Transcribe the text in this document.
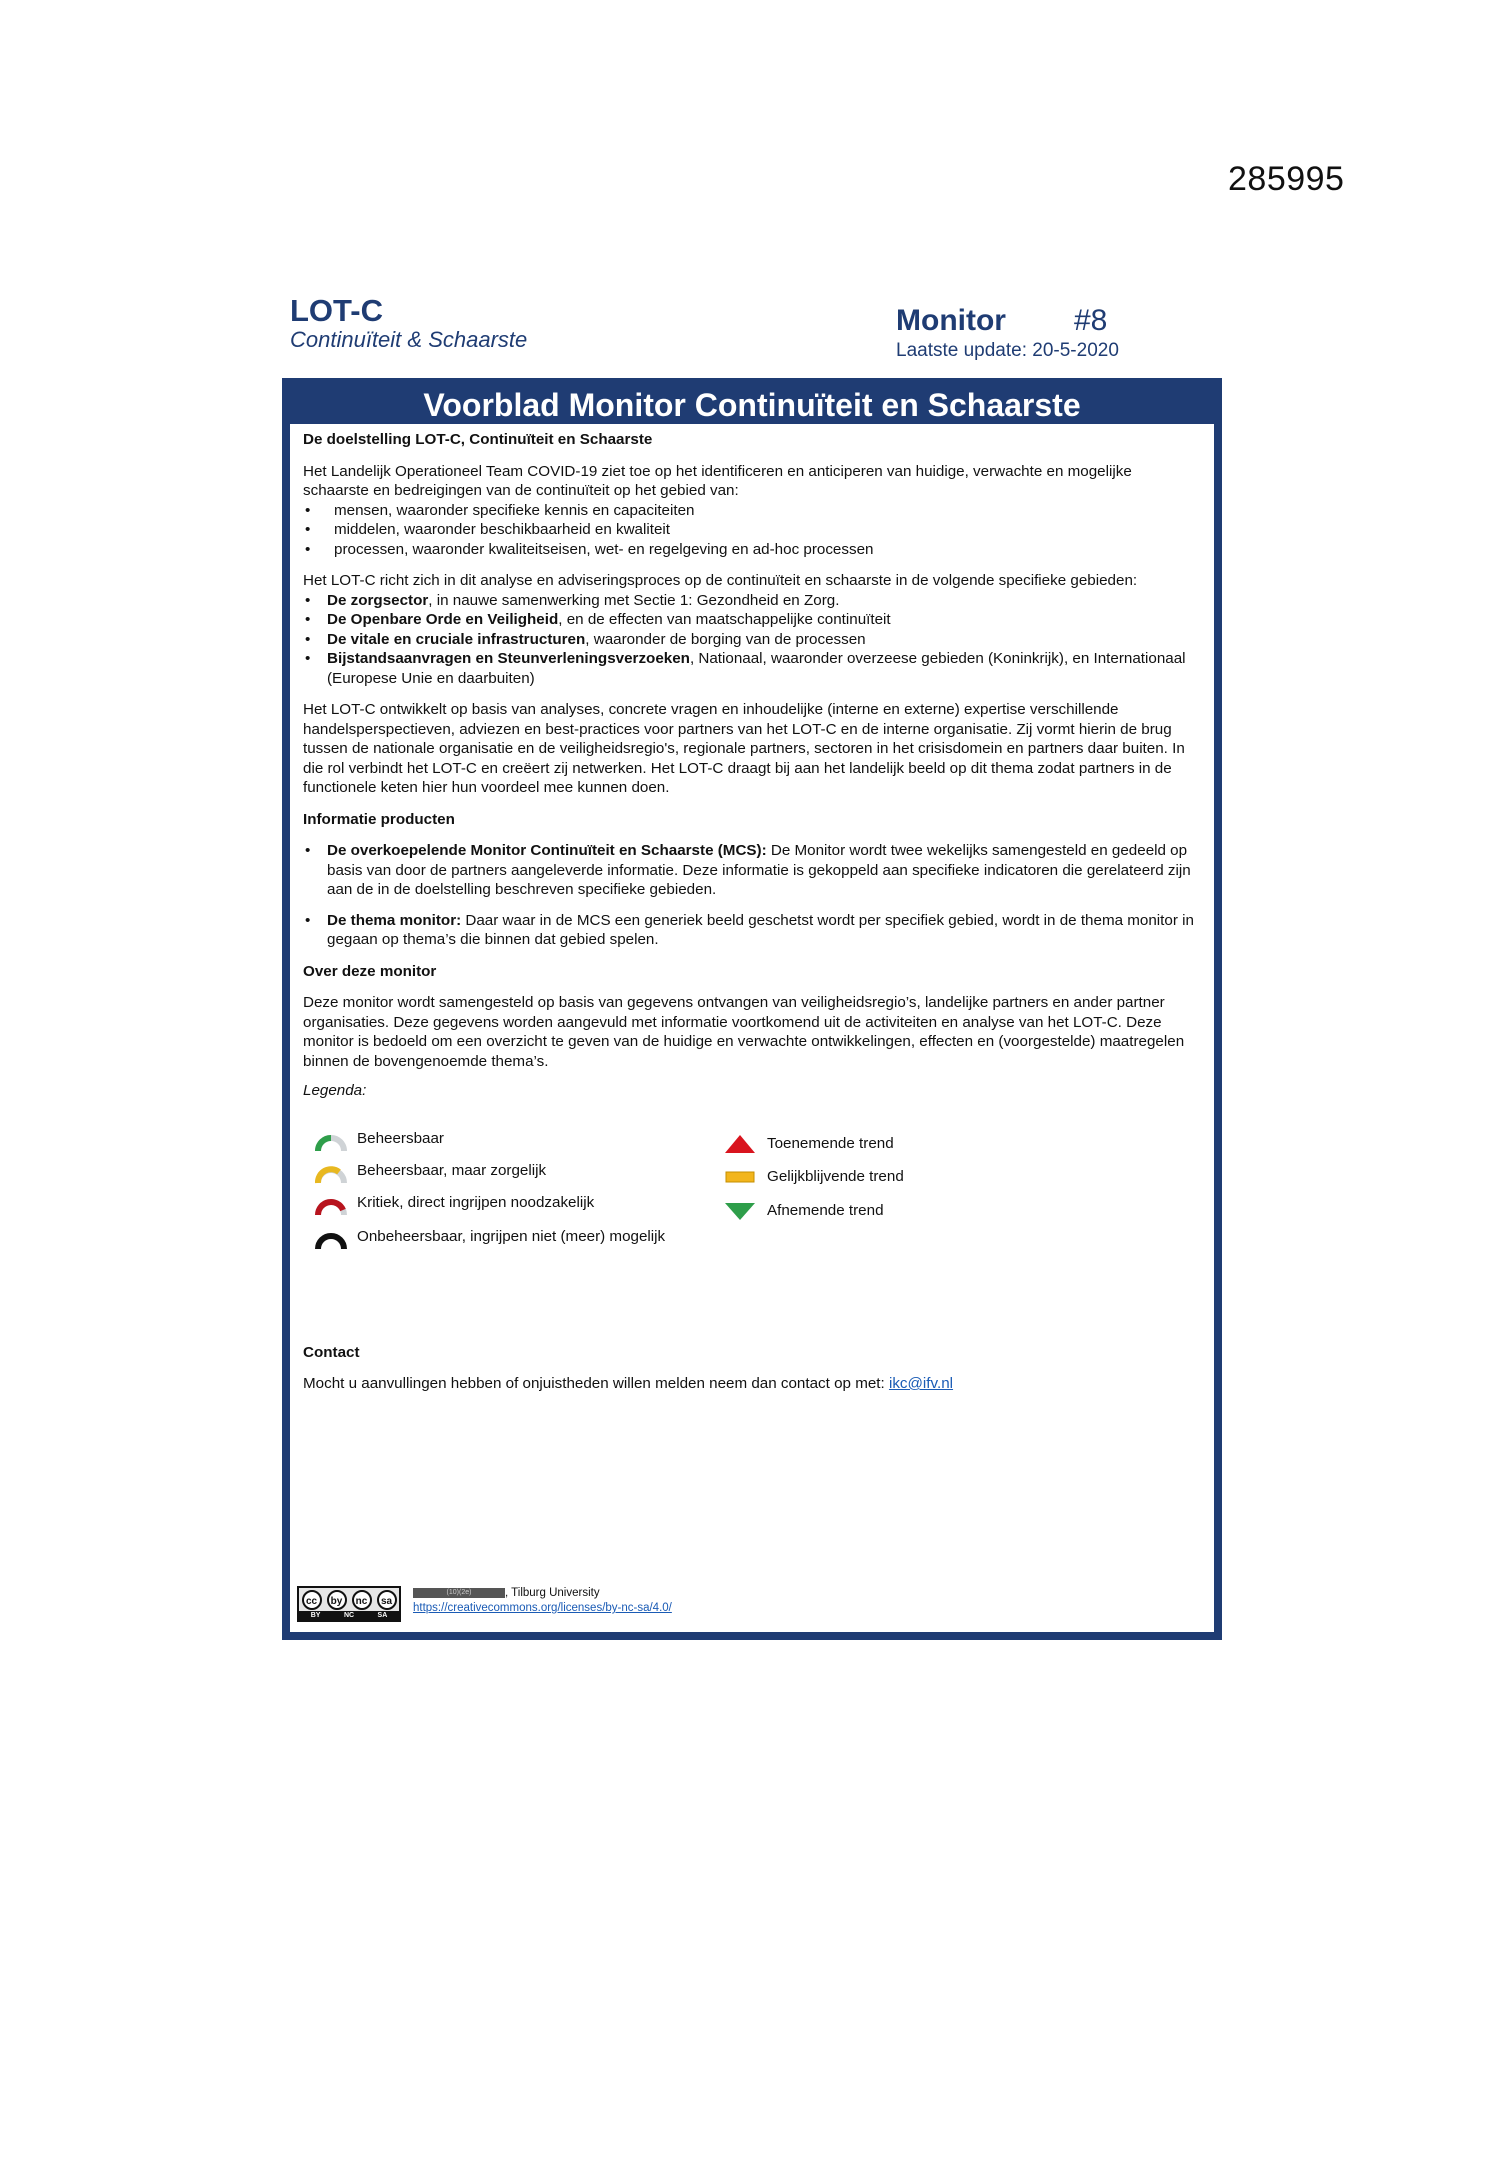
285995
LOT-C
Continuïteit & Schaarste
Monitor #8
Laatste update: 20-5-2020
Voorblad Monitor Continuïteit en Schaarste

De doelstelling LOT-C, Continuïteit en Schaarste

Het Landelijk Operationeel Team COVID-19 ziet toe op het identificeren en anticiperen van huidige, verwachte en mogelijke schaarste en bedreigingen van de continuïteit op het gebied van:

• mensen, waaronder specifieke kennis en capaciteiten
• middelen, waaronder beschikbaarheid en kwaliteit
• processen, waaronder kwaliteitseisen, wet- en regelgeving en ad-hoc processen

Het LOT-C richt zich in dit analyse en adviseringsproces op de continuïteit en schaarste in de volgende specifieke gebieden:

• De zorgsector, in nauwe samenwerking met Sectie 1: Gezondheid en Zorg.
• De Openbare Orde en Veiligheid, en de effecten van maatschappelijke continuïteit
• De vitale en cruciale infrastructuren, waaronder de borging van de processen
• Bijstandsaanvragen en Steunverleningsverzoeken, Nationaal, waaronder overzeese gebieden (Koninkrijk), en Internationaal (Europese Unie en daarbuiten)

Het LOT-C ontwikkelt op basis van analyses, concrete vragen en inhoudelijke (interne en externe) expertise verschillende handelsperspectieven, adviezen en best-practices voor partners van het LOT-C en de interne organisatie. Zij vormt hierin de brug tussen de nationale organisatie en de veiligheidsregio's, regionale partners, sectoren in het crisisdomein en partners daar buiten. In die rol verbindt het LOT-C en creëert zij netwerken. Het LOT-C draagt bij aan het landelijk beeld op dit thema zodat partners in de functionele keten hier hun voordeel mee kunnen doen.

Informatie producten

• De overkoepelende Monitor Continuïteit en Schaarste (MCS): De Monitor wordt twee wekelijks samengesteld en gedeeld op basis van door de partners aangeleverde informatie. Deze informatie is gekoppeld aan specifieke indicatoren die gerelateerd zijn aan de in de doelstelling beschreven specifieke gebieden.
• De thema monitor: Daar waar in de MCS een generiek beeld geschetst wordt per specifiek gebied, wordt in de thema monitor in gegaan op thema’s die binnen dat gebied spelen.

Over deze monitor

Deze monitor wordt samengesteld op basis van gegevens ontvangen van veiligheidsregio’s, landelijke partners en ander partner organisaties. Deze gegevens worden aangevuld met informatie voortkomend uit de activiteiten en analyse van het LOT-C. Deze monitor is bedoeld om een overzicht te geven van de huidige en verwachte ontwikkelingen, effecten en (voorgestelde) maatregelen binnen de bovengenoemde thema’s.

Legenda:

Beheersbaar
Beheersbaar, maar zorgelijk
Kritiek, direct ingrijpen noodzakelijk
Onbeheersbaar, ingrijpen niet (meer) mogelijk
Toenemende trend
Gelijkblijvende trend
Afnemende trend

Contact

Mocht u aanvullingen hebben of onjuistheden willen melden neem dan contact op met: ikc@ifv.nl

cc	by	nc	sa
BY	NC	SA
(10)(2e)	, Tilburg University
https://creativecommons.org/licenses/by-nc-sa/4.0/
